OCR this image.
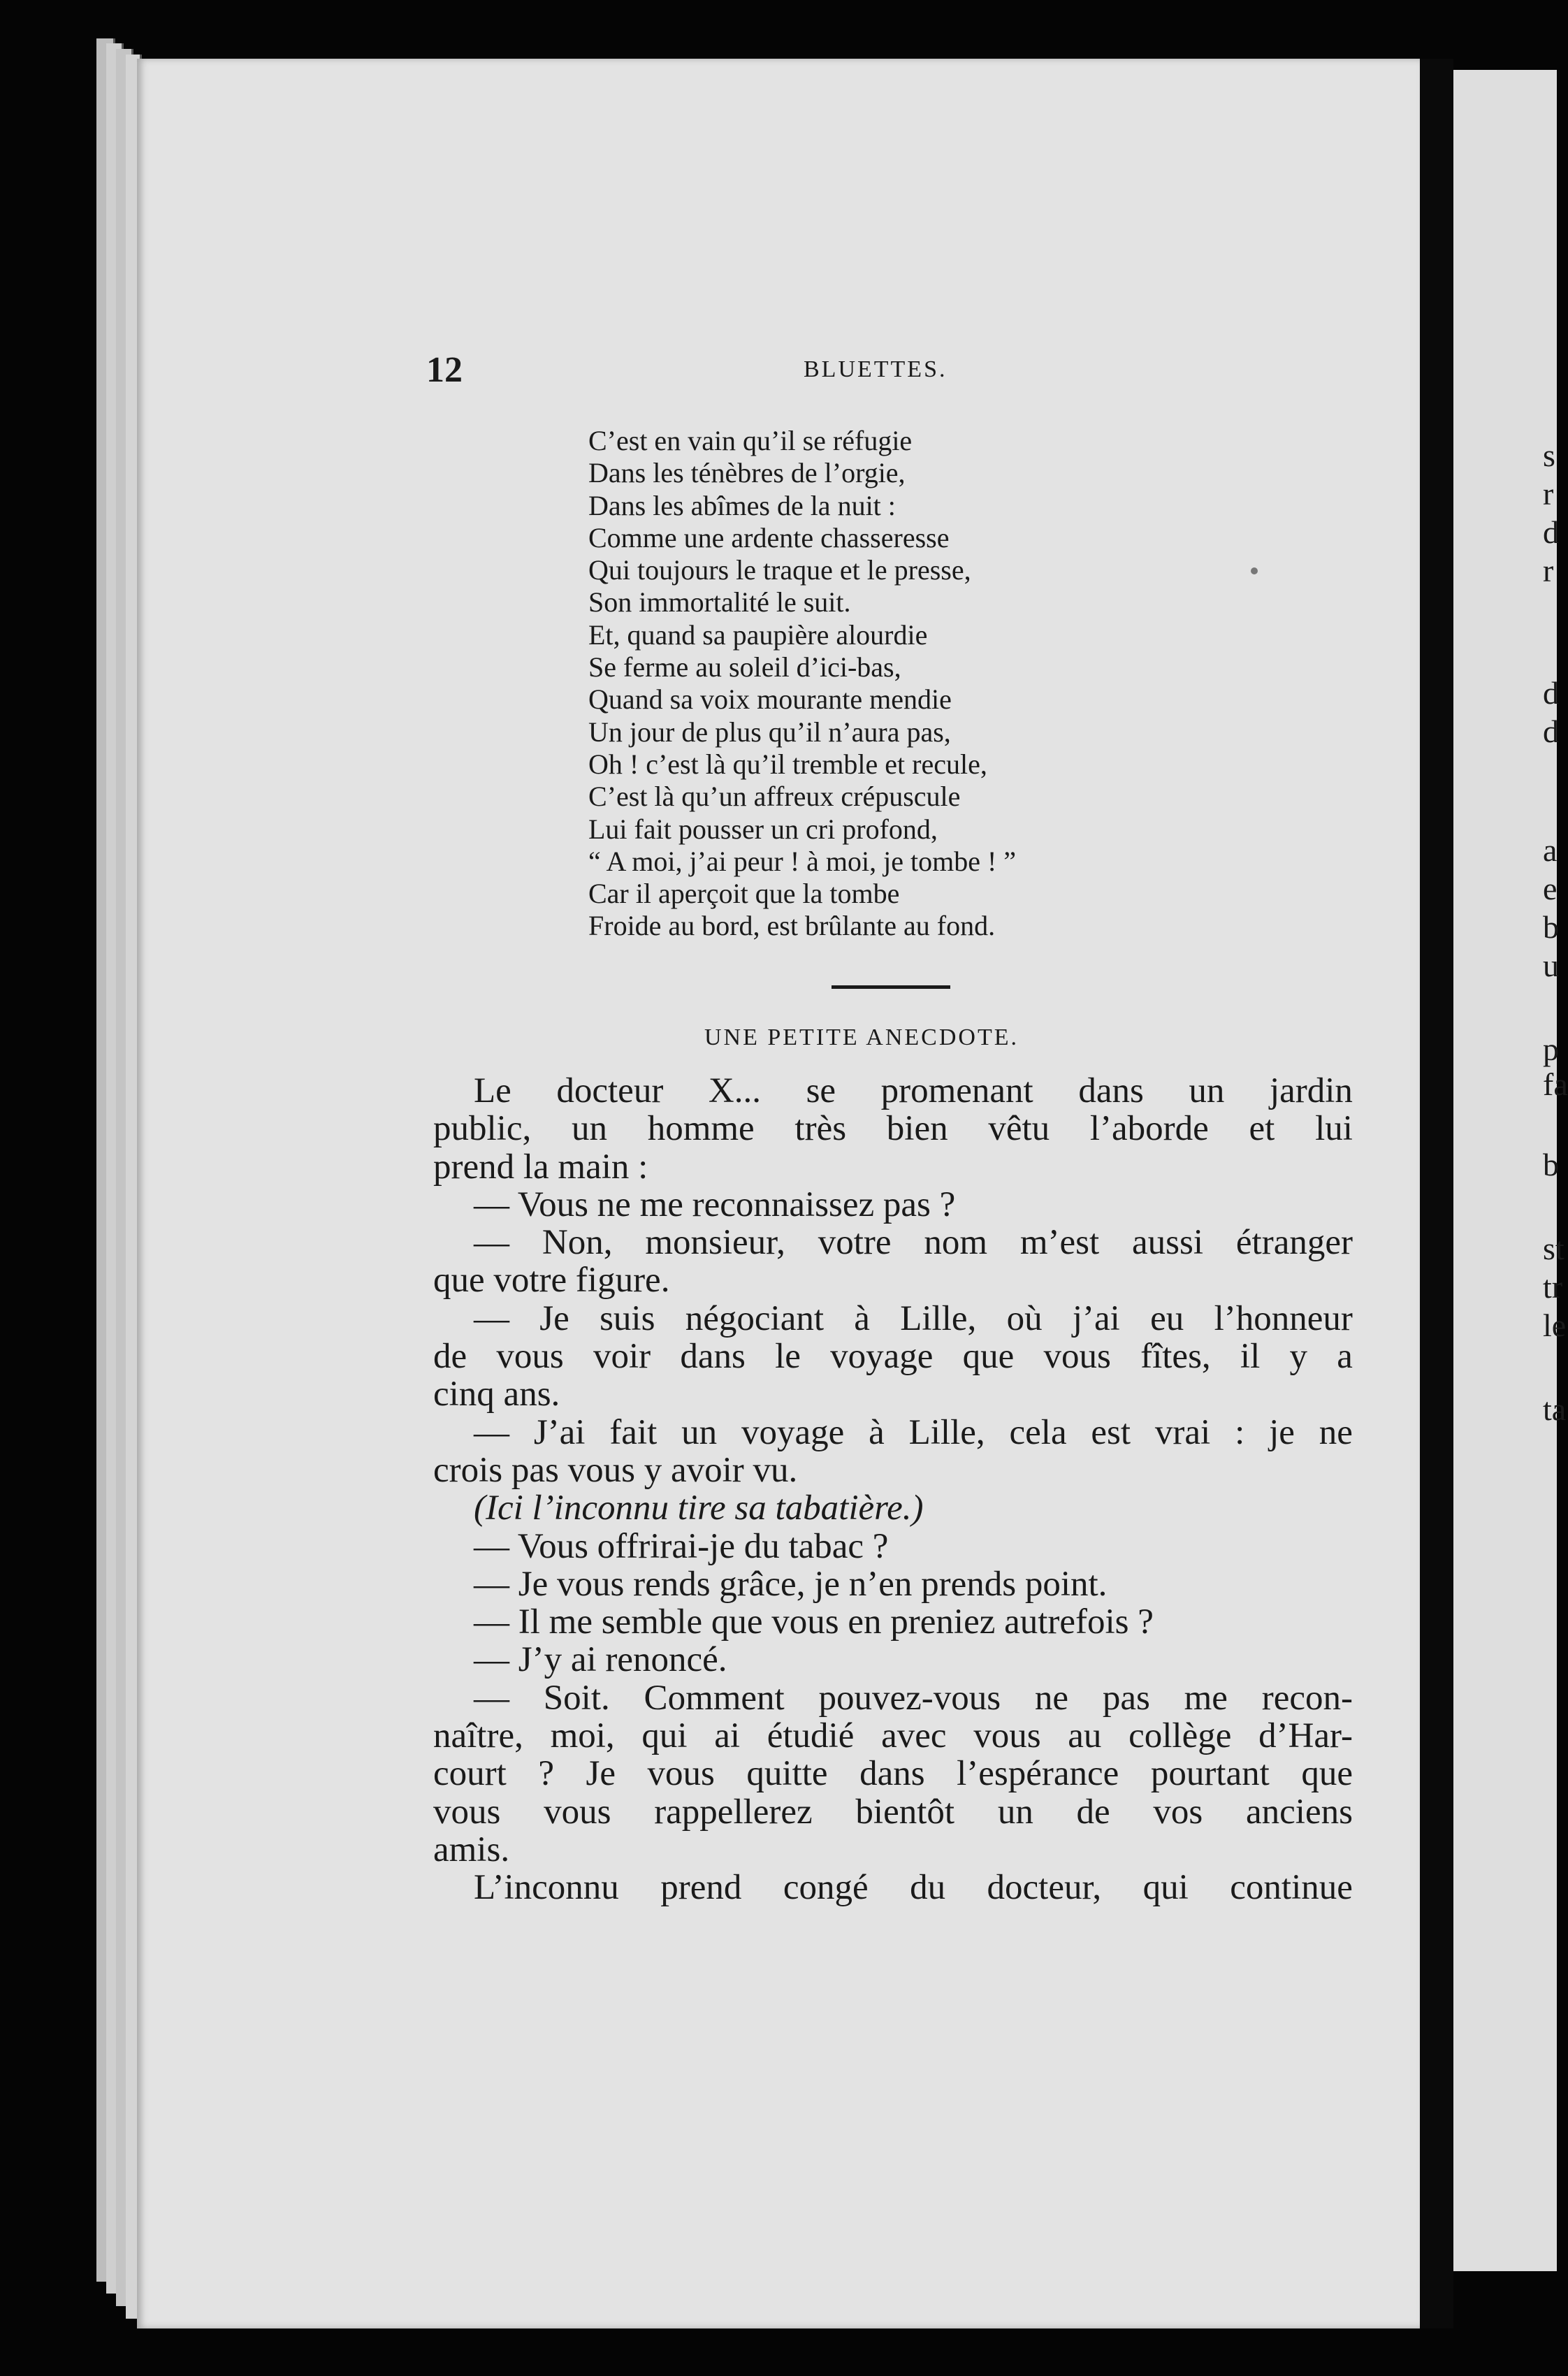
12	BLUETTES.
C’est en vain qu’il se réfugie
Dans les ténèbres de l’orgie,
Dans les abîmes de la nuit :
Comme une ardente chasseresse
Qui toujours le traque et le presse,
Son immortalité le suit.
Et, quand sa paupière alourdie
Se ferme au soleil d’ici-bas,
Quand sa voix mourante mendie
Un jour de plus qu’il n’aura pas,
Oh ! c’est là qu’il tremble et recule,
C’est là qu’un affreux crépuscule
Lui fait pousser un cri profond,
“ A moi, j’ai peur ! à moi, je tombe ! ”
Car il aperçoit que la tombe
Froide au bord, est brûlante au fond.
UNE PETITE ANECDOTE.
Le docteur X... se promenant dans un jardin
public, un homme très bien vêtu l’aborde et lui
prend la main :
— Vous ne me reconnaissez pas ?
— Non, monsieur, votre nom m’est aussi étranger
que votre figure.
— Je suis négociant à Lille, où j’ai eu l’honneur
de vous voir dans le voyage que vous fîtes, il y a
cinq ans.
— J’ai fait un voyage à Lille, cela est vrai : je ne
crois pas vous y avoir vu.
(Ici l’inconnu tire sa tabatière.)
— Vous offrirai-je du tabac ?
— Je vous rends grâce, je n’en prends point.
— Il me semble que vous en preniez autrefois ?
— J’y ai renoncé.
— Soit. Comment pouvez-vous ne pas me recon-
naître, moi, qui ai étudié avec vous au collège d’Har-
court ? Je vous quitte dans l’espérance pourtant que
vous vous rappellerez bientôt un de vos anciens
amis.
L’inconnu prend congé du docteur, qui continue
s
r
d
r
d
d
a
e
b
u
p
fa
b
st
tr
le
ta
